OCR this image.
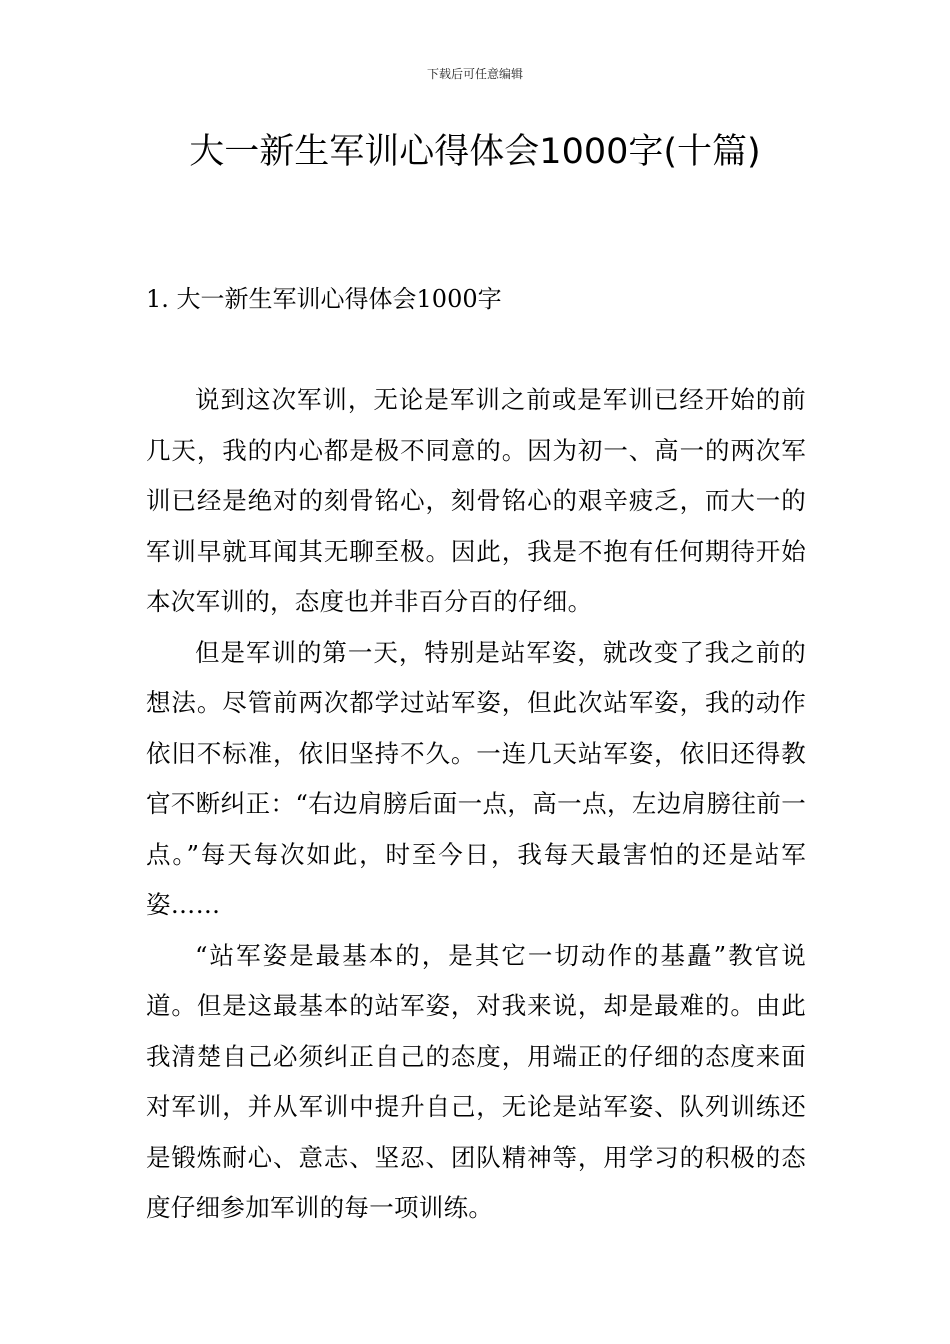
下载后可任意编辑
大一新生军训心得体会1000字(十篇)
1. 大一新生军训心得体会1000字

说到这次军训，无论是军训之前或是军训已经开始的前几天，我的内心都是极不同意的。因为初一、高一的两次军训已经是绝对的刻骨铭心，刻骨铭心的艰辛疲乏，而大一的军训早就耳闻其无聊至极。因此，我是不抱有任何期待开始本次军训的，态度也并非百分百的仔细。

但是军训的第一天，特别是站军姿，就改变了我之前的想法。尽管前两次都学过站军姿，但此次站军姿，我的动作依旧不标准，依旧坚持不久。一连几天站军姿，依旧还得教官不断纠正：“右边肩膀后面一点，高一点，左边肩膀往前一点。”每天每次如此，时至今日，我每天最害怕的还是站军姿……

“站军姿是最基本的，是其它一切动作的基矗”教官说道。但是这最基本的站军姿，对我来说，却是最难的。由此我清楚自己必须纠正自己的态度，用端正的仔细的态度来面对军训，并从军训中提升自己，无论是站军姿、队列训练还是锻炼耐心、意志、坚忍、团队精神等，用学习的积极的态度仔细参加军训的每一项训练。
